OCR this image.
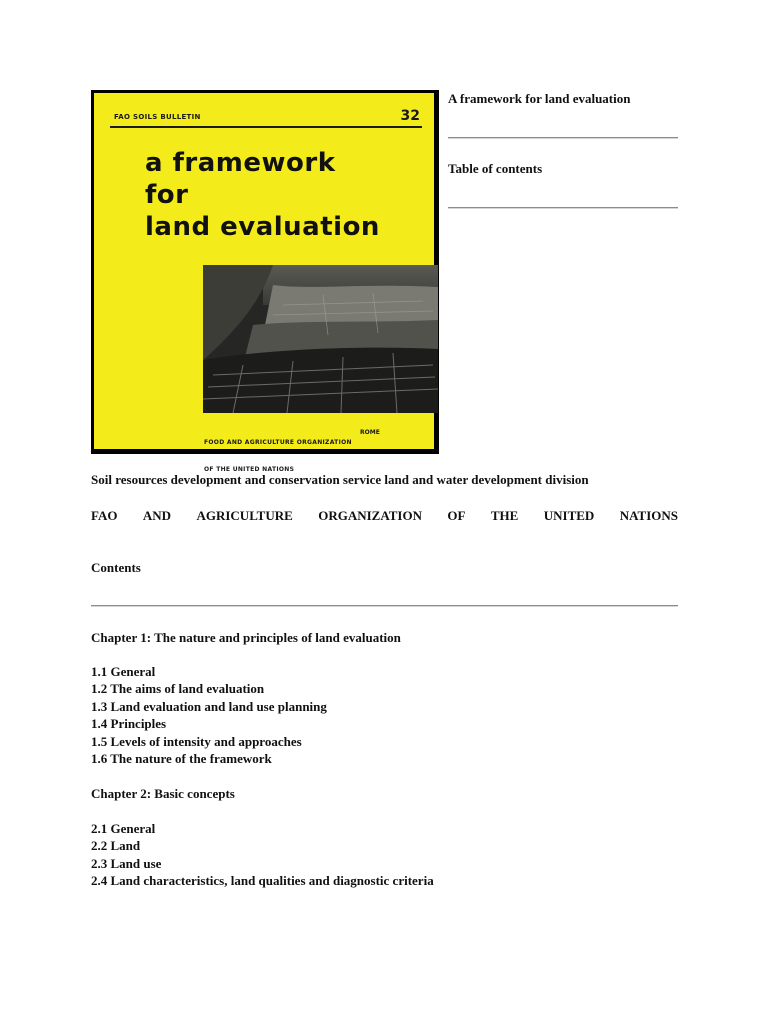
FAO SOILS BULLETIN	32
a framework
for
land evaluation

FOOD AND AGRICULTURE ORGANIZATION

OF THE UNITED NATIONS

ROME
A framework for land evaluation
Table of contents
Soil resources development and conservation service land and water development division
FAO AND AGRICULTURE ORGANIZATION OF THE UNITED NATIONS
Contents
Chapter 1: The nature and principles of land evaluation
1.1 General
1.2 The aims of land evaluation
1.3 Land evaluation and land use planning
1.4 Principles
1.5 Levels of intensity and approaches
1.6 The nature of the framework
Chapter 2: Basic concepts
2.1 General
2.2 Land
2.3 Land use
2.4 Land characteristics, land qualities and diagnostic criteria
